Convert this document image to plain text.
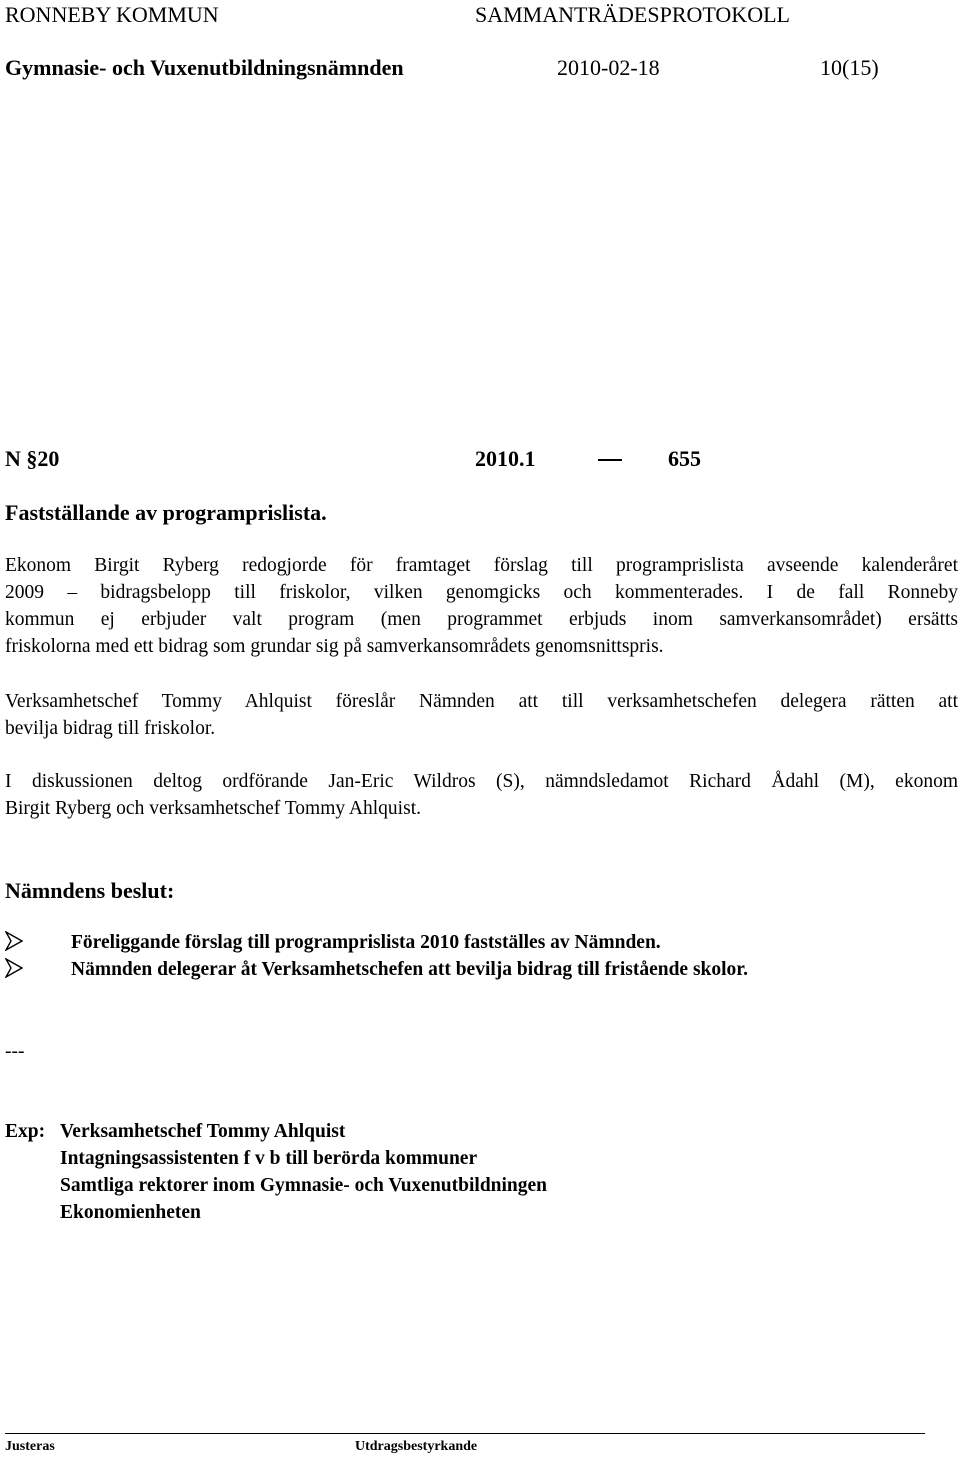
RONNEBY KOMMUN	SAMMANTRÄDESPROTOKOLL
Gymnasie- och Vuxenutbildningsnämnden	2010-02-18	10(15)
N §20	2010.1	655
Fastställande av programprislista.
Ekonom Birgit Ryberg redogjorde för framtaget förslag till programprislista avseende kalenderåret
2009 – bidragsbelopp till friskolor, vilken genomgicks och kommenterades. I de fall Ronneby
kommun ej erbjuder valt program (men programmet erbjuds inom samverkansområdet) ersätts
friskolorna med ett bidrag som grundar sig på samverkansområdets genomsnittspris.
Verksamhetschef Tommy Ahlquist föreslår Nämnden att till verksamhetschefen delegera rätten att
bevilja bidrag till friskolor.
I diskussionen deltog ordförande Jan-Eric Wildros (S), nämndsledamot Richard Ådahl (M), ekonom
Birgit Ryberg och verksamhetschef Tommy Ahlquist.
Nämndens beslut:
Föreliggande förslag till programprislista 2010 fastställes av Nämnden.
Nämnden delegerar åt Verksamhetschefen att bevilja bidrag till fristående skolor.
---
Exp: Verksamhetschef Tommy Ahlquist
Intagningsassistenten f v b till berörda kommuner
Samtliga rektorer inom Gymnasie- och Vuxenutbildningen
Ekonomienheten
Justeras	Utdragsbestyrkande
